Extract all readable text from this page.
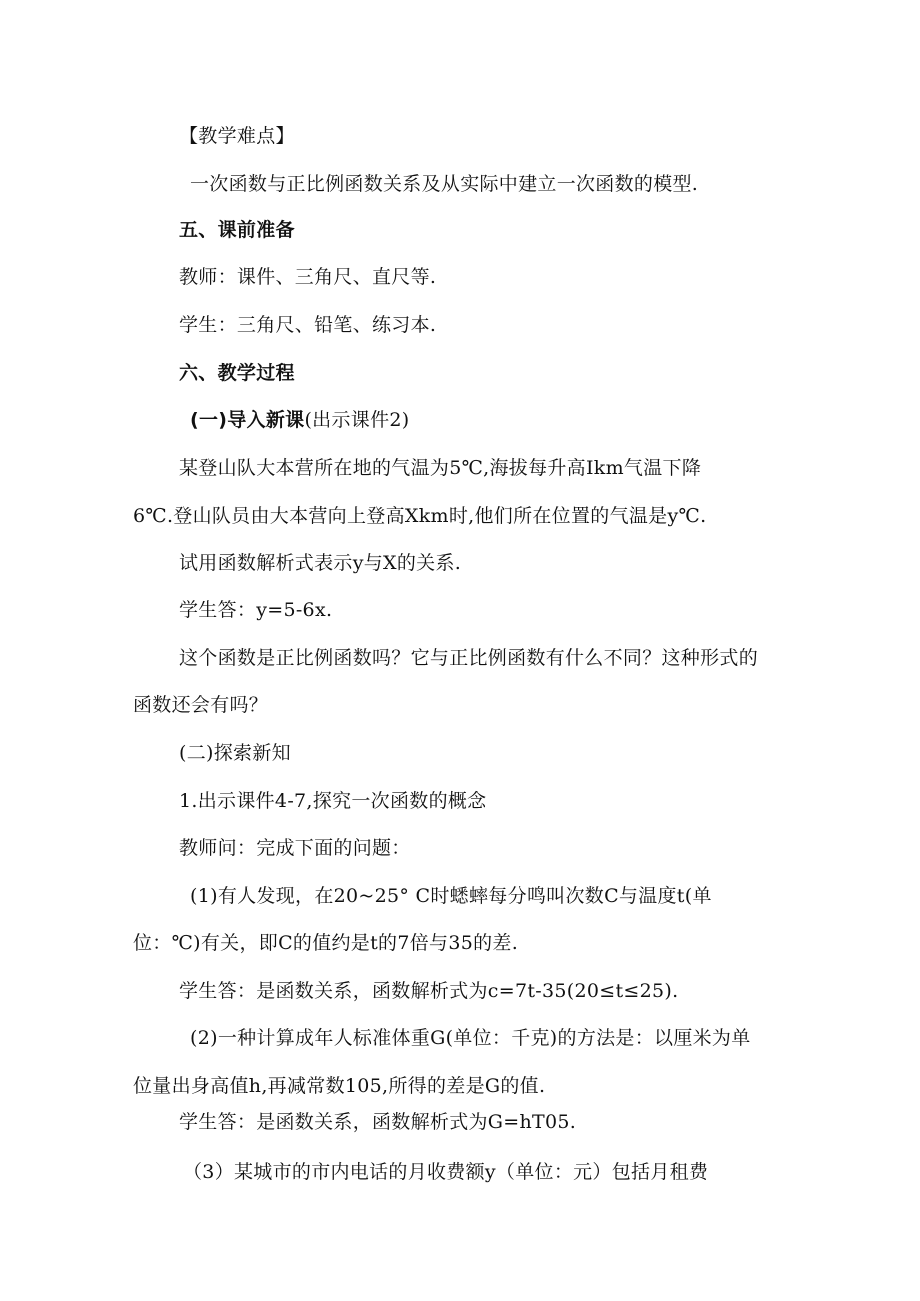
【教学难点】
一次函数与正比例函数关系及从实际中建立一次函数的模型.
五、课前准备
教师：课件、三角尺、直尺等.
学生：三角尺、铅笔、练习本.
六、教学过程
(一)导入新课(出示课件2)
某登山队大本营所在地的气温为5℃,海拔每升高Ikm气温下降
6℃.登山队员由大本营向上登高Xkm时,他们所在位置的气温是y℃.
试用函数解析式表示y与X的关系.
学生答：y=5-6x.
这个函数是正比例函数吗？它与正比例函数有什么不同？这种形式的
函数还会有吗？
(二)探索新知
1.出示课件4-7,探究一次函数的概念
教师问：完成下面的问题：
(1)有人发现，在20~25° C时蟋蟀每分鸣叫次数C与温度t(单
位：℃)有关，即C的值约是t的7倍与35的差.
学生答：是函数关系，函数解析式为c=7t-35(20≤t≤25).
(2)一种计算成年人标准体重G(单位：千克)的方法是：以厘米为单
位量出身高值h,再减常数105,所得的差是G的值.
学生答：是函数关系，函数解析式为G=hT05.
（3）某城市的市内电话的月收费额y（单位：元）包括月租费
